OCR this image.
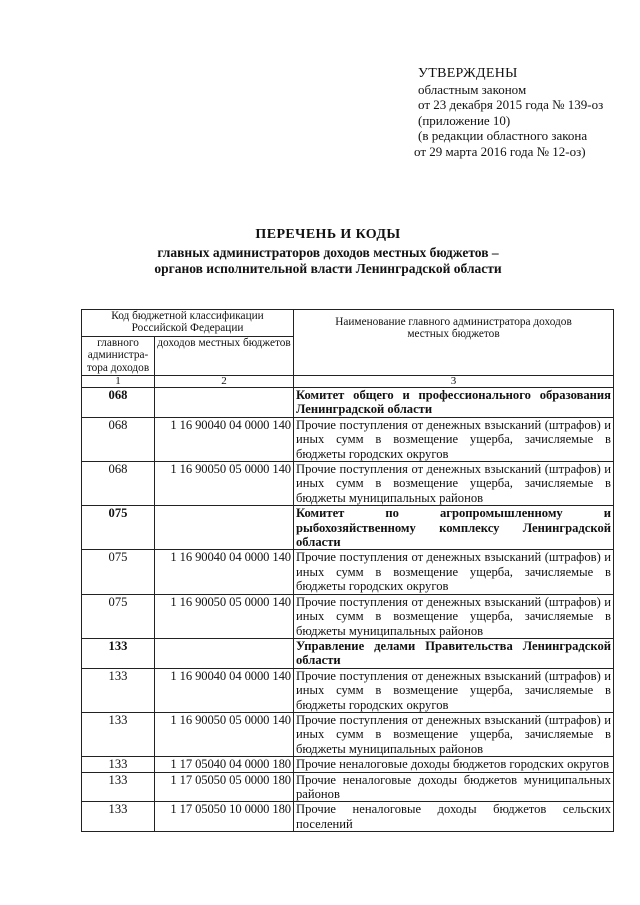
УТВЕРЖДЕНЫ
областным законом
от 23 декабря 2015 года № 139-оз
(приложение 10)
(в редакции областного закона
от 29 марта 2016 года № 12-оз)
ПЕРЕЧЕНЬ И КОДЫ
главных администраторов доходов местных бюджетов –
органов исполнительной власти Ленинградской области
Код бюджетной классификации Российской Федерации		Наименование главного администратора доходов местных бюджетов
главного администра-тора доходов	доходов местных бюджетов	
1	2	3
068		Комитет общего и профессионального образования Ленинградской области
068	1 16 90040 04 0000 140	Прочие поступления от денежных взысканий (штрафов) и иных сумм в возмещение ущерба, зачисляемые в бюджеты городских округов
068	1 16 90050 05 0000 140	Прочие поступления от денежных взысканий (штрафов) и иных сумм в возмещение ущерба, зачисляемые в бюджеты муниципальных районов
075		Комитет по агропромышленному и рыбохозяйственному комплексу Ленинградской области
075	1 16 90040 04 0000 140	Прочие поступления от денежных взысканий (штрафов) и иных сумм в возмещение ущерба, зачисляемые в бюджеты городских округов
075	1 16 90050 05 0000 140	Прочие поступления от денежных взысканий (штрафов) и иных сумм в возмещение ущерба, зачисляемые в бюджеты муниципальных районов
133		Управление делами Правительства Ленинградской области
133	1 16 90040 04 0000 140	Прочие поступления от денежных взысканий (штрафов) и иных сумм в возмещение ущерба, зачисляемые в бюджеты городских округов
133	1 16 90050 05 0000 140	Прочие поступления от денежных взысканий (штрафов) и иных сумм в возмещение ущерба, зачисляемые в бюджеты муниципальных районов
133	1 17 05040 04 0000 180	Прочие неналоговые доходы бюджетов городских округов
133	1 17 05050 05 0000 180	Прочие неналоговые доходы бюджетов муниципальных районов
133	1 17 05050 10 0000 180	Прочие неналоговые доходы бюджетов сельских поселений
